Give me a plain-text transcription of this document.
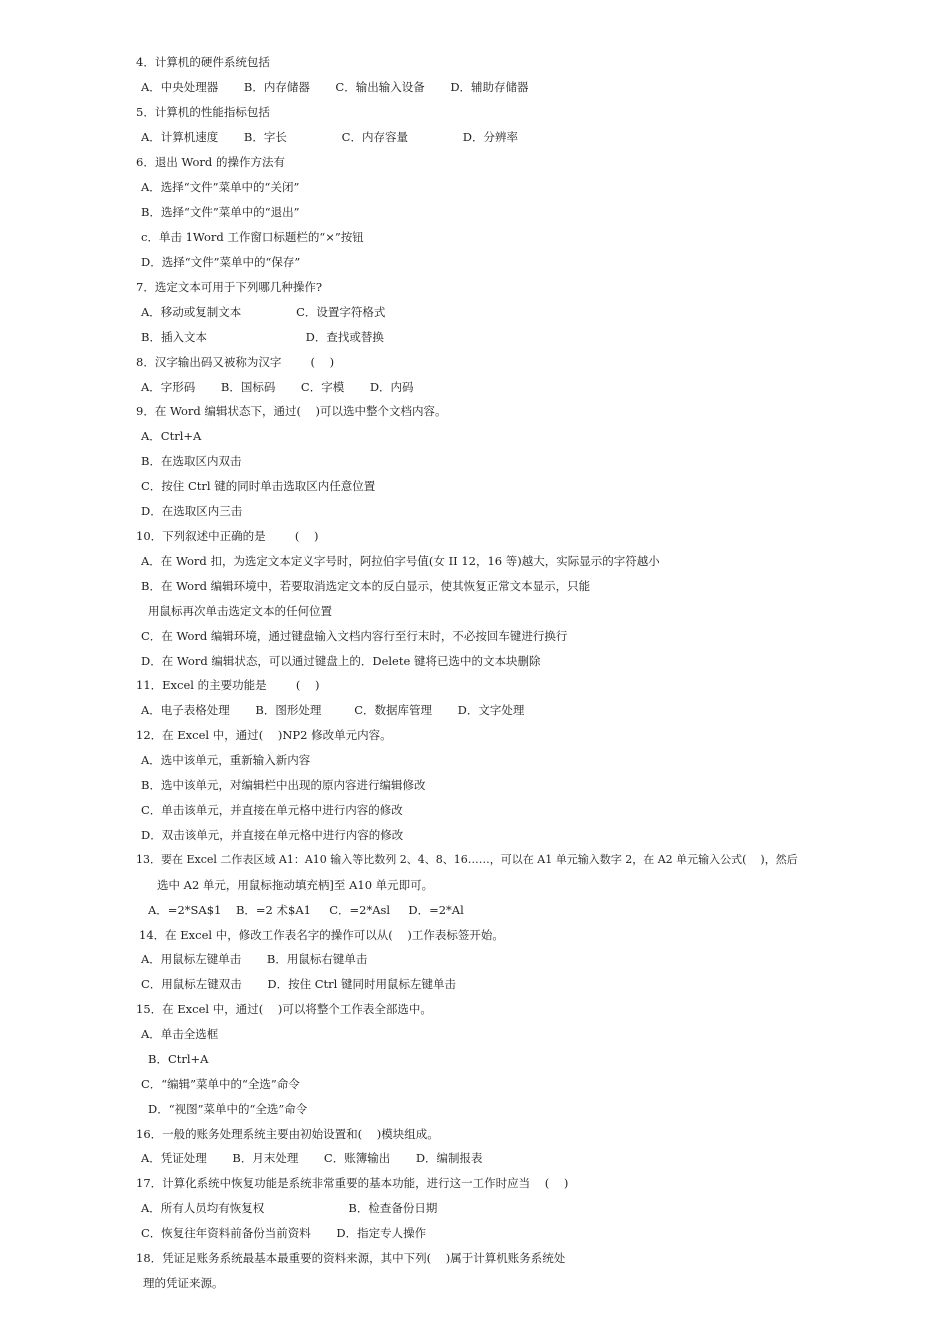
4．计算机的硬件系统包括
A．中央处理器       B．内存储器       C．输出输入设备       D．辅助存储器
5．计算机的性能指标包括
A．计算机速度       B．字长               C．内存容量               D．分辨率
6．退出 Word 的操作方法有
A．选择“文件”菜单中的“关闭”
B．选择“文件”菜单中的“退出”
c．单击 1Word 工作窗口标题栏的“×”按钮
D．选择“文件”菜单中的“保存”
7．选定文本可用于下列哪几种操作?
A．移动或复制文本               C．设置字符格式
B．插入文本                           D．查找或替换
8．汉字输出码又被称为汉字        (    )
A．字形码       B．国标码       C．字模       D．内码
9．在 Word 编辑状态下，通过(    )可以选中整个文档内容。
A．Ctrl+A
B．在选取区内双击
C．按住 Ctrl 键的同时单击选取区内任意位置
D．在选取区内三击
10．下列叙述中正确的是        (    )
A．在 Word 扣，为选定文本定义字号时，阿拉伯字号值(女 II 12，16 等)越大，实际显示的字符越小
B．在 Word 编辑环境中，若要取消选定文本的反白显示，使其恢复正常文本显示，只能
用鼠标再次单击选定文本的任何位置
C．在 Word 编辑环境，通过键盘输入文档内容行至行末时，不必按回车键进行换行
D．在 Word 编辑状态，可以通过键盘上的．Delete 键将已选中的文本块删除
11．Excel 的主要功能是        (    )
A．电子表格处理       B．图形处理         C．数据库管理       D．文字处理
12．在 Excel 中，通过(    )NP2 修改单元内容。
A．选中该单元，重新输入新内容
B．选中该单元，对编辑栏中出现的原内容进行编辑修改
C．单击该单元，并直接在单元格中进行内容的修改
D．双击该单元，并直接在单元格中进行内容的修改
13．要在 Excel 二作表区域 A1：A10 输入等比数列 2、4、8、16……，可以在 A1 单元输入数字 2，在 A2 单元输入公式(    )，然后
选中 A2 单元，用鼠标拖动填充柄]至 A10 单元即可。
A．=2*SA$1    B．=2 术$A1     C．=2*Asl     D．=2*Al
14．在 Excel 中，修改工作表名字的操作可以从(    )工作表标签开始。
A．用鼠标左键单击       B．用鼠标右键单击
C．用鼠标左键双击       D．按住 Ctrl 键同时用鼠标左键单击
15．在 Excel 中，通过(    )可以将整个工作表全部选中。
A．单击全选框
B．Ctrl+A
C．“编辑”菜单中的“全选”命令
D．“视图”菜单中的“全选”命令
16．一般的账务处理系统主要由初始设置和(    )模块组成。
A．凭证处理       B．月末处理       C．账簿输出       D．编制报表
17．计算化系统中恢复功能是系统非常重要的基本功能，进行这一工作时应当    (    )
A．所有人员均有恢复权                       B．检查备份日期
C．恢复往年资料前备份当前资料       D．指定专人操作
18．凭证足账务系统最基本最重要的资料来源，其中下列(    )属于计算机账务系统处
理的凭证来源。
